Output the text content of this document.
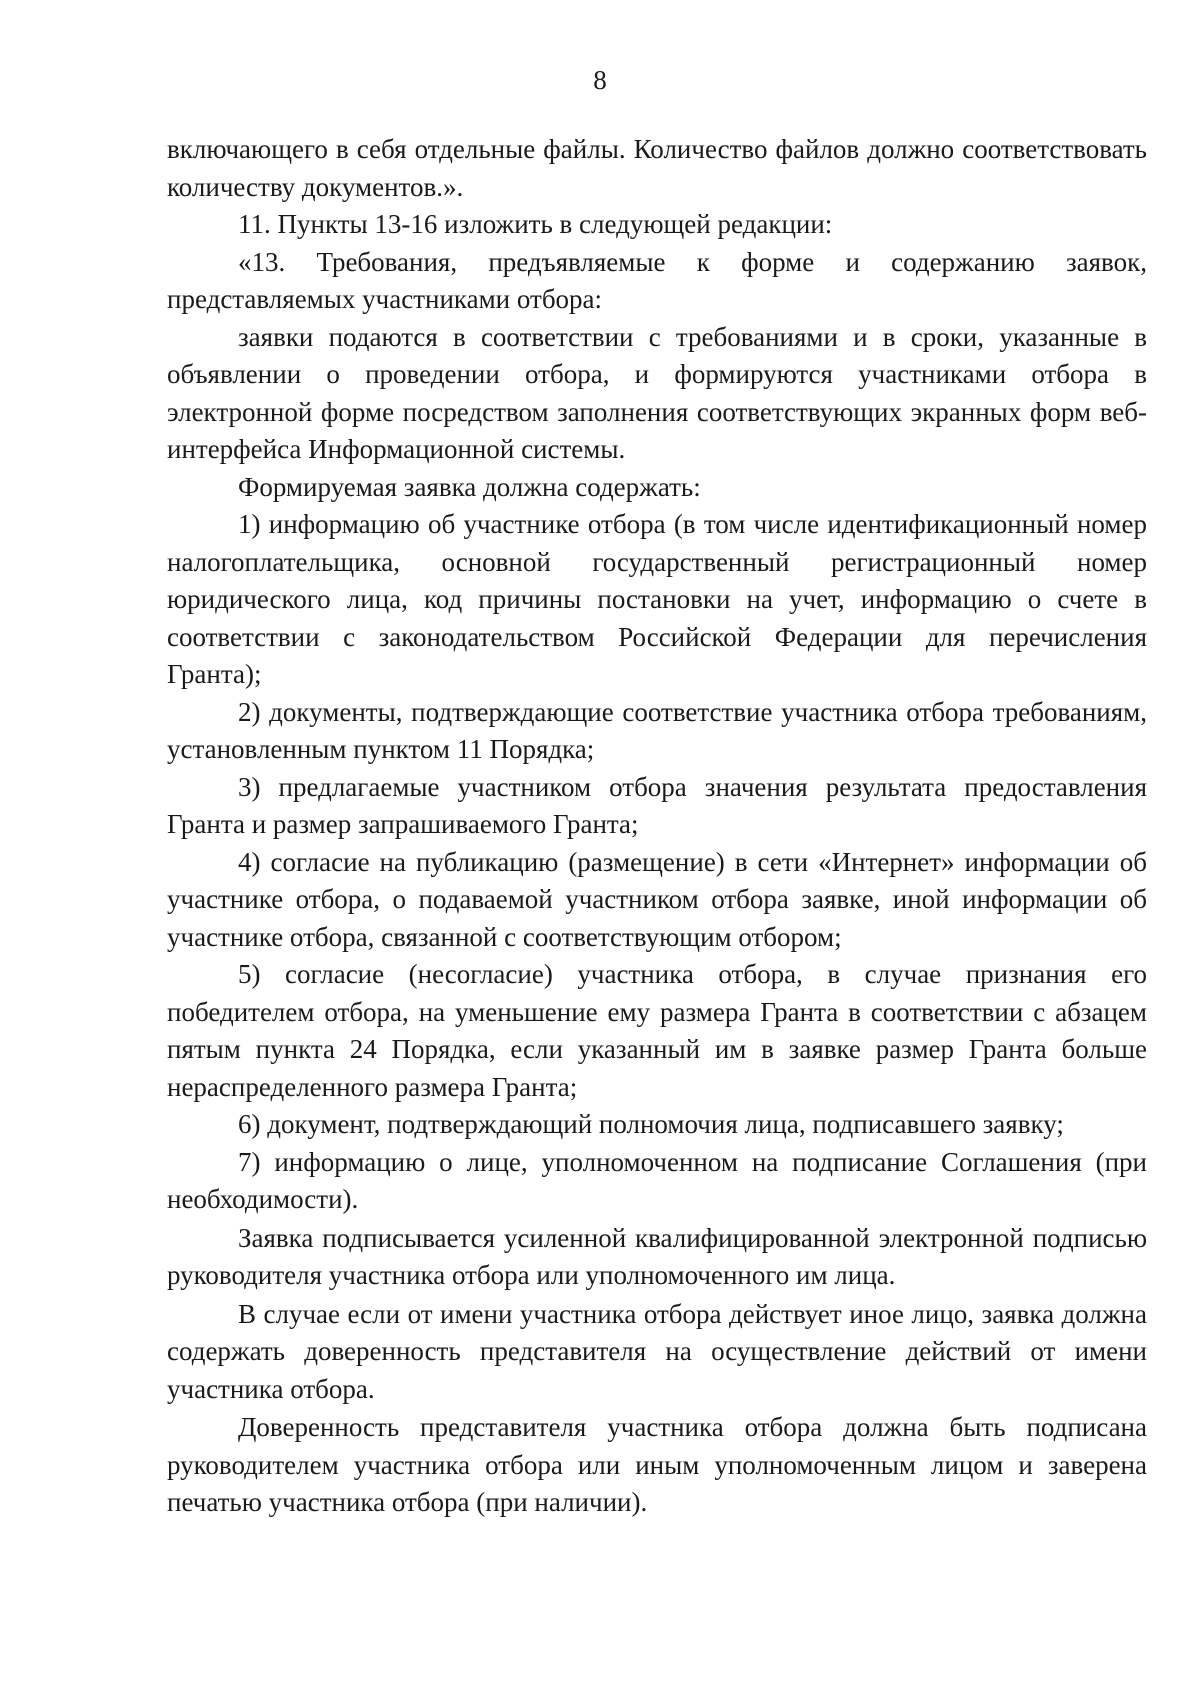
8

включающего в себя отдельные файлы. Количество файлов должно соответствовать количеству документов.».

11. Пункты 13-16 изложить в следующей редакции:

«13. Требования, предъявляемые к форме и содержанию заявок, представляемых участниками отбора:

заявки подаются в соответствии с требованиями и в сроки, указанные в объявлении о проведении отбора, и формируются участниками отбора в электронной форме посредством заполнения соответствующих экранных форм веб-интерфейса Информационной системы.

Формируемая заявка должна содержать:

1) информацию об участнике отбора (в том числе идентификационный номер налогоплательщика, основной государственный регистрационный номер юридического лица, код причины постановки на учет, информацию о счете в соответствии с законодательством Российской Федерации для перечисления Гранта);

2) документы, подтверждающие соответствие участника отбора требованиям, установленным пунктом 11 Порядка;

3) предлагаемые участником отбора значения результата предоставления Гранта и размер запрашиваемого Гранта;

4) согласие на публикацию (размещение) в сети «Интернет» информации об участнике отбора, о подаваемой участником отбора заявке, иной информации об участнике отбора, связанной с соответствующим отбором;

5) согласие (несогласие) участника отбора, в случае признания его победителем отбора, на уменьшение ему размера Гранта в соответствии с абзацем пятым пункта 24 Порядка, если указанный им в заявке размер Гранта больше нераспределенного размера Гранта;

6) документ, подтверждающий полномочия лица, подписавшего заявку;

7) информацию о лице, уполномоченном на подписание Соглашения (при необходимости).

Заявка подписывается усиленной квалифицированной электронной подписью руководителя участника отбора или уполномоченного им лица.

В случае если от имени участника отбора действует иное лицо, заявка должна содержать доверенность представителя на осуществление действий от имени участника отбора.

Доверенность представителя участника отбора должна быть подписана руководителем участника отбора или иным уполномоченным лицом и заверена печатью участника отбора (при наличии).
